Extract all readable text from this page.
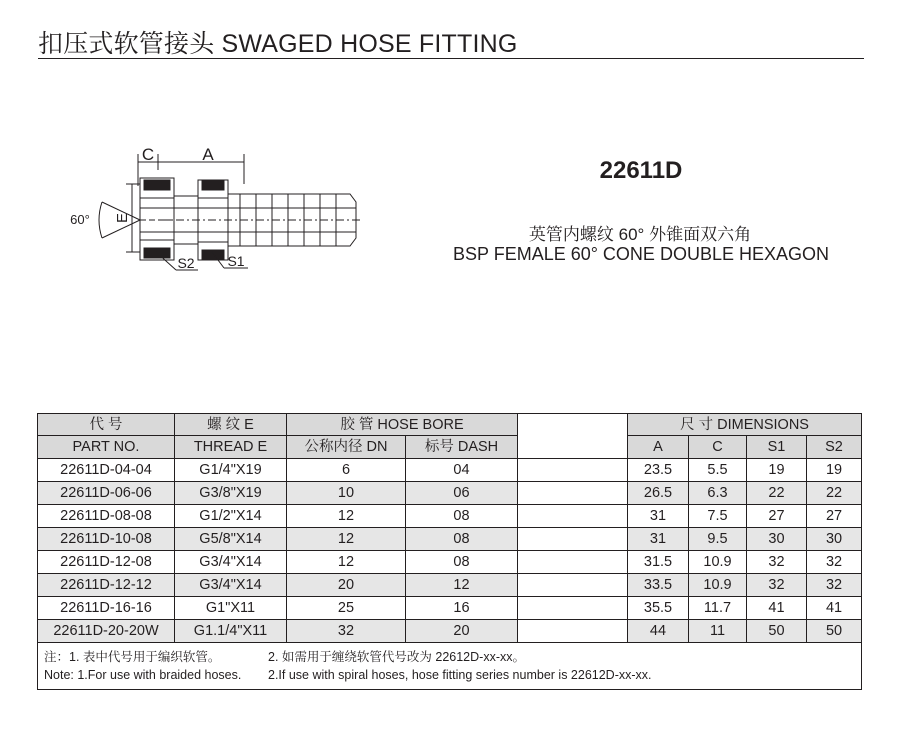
扣压式软管接头 SWAGED HOSE FITTING
C	A
E
60°
S2 S1
22611D
英管内螺纹 60° 外锥面双六角
BSP FEMALE 60° CONE DOUBLE HEXAGON
代 号	螺 纹 E	胶 管 HOSE BORE			尺 寸 DIMENSIONS			
PART NO.	THREAD E	公称内径 DN	标号 DASH		A	C	S1	S2
22611D-04-04	G1/4"X19	6	04		23.5	5.5	19	19
22611D-06-06	G3/8"X19	10	06		26.5	6.3	22	22
22611D-08-08	G1/2"X14	12	08		31	7.5	27	27
22611D-10-08	G5/8"X14	12	08		31	9.5	30	30
22611D-12-08	G3/4"X14	12	08		31.5	10.9	32	32
22611D-12-12	G3/4"X14	20	12		33.5	10.9	32	32
22611D-16-16	G1"X11	25	16		35.5	11.7	41	41
22611D-20-20W	G1.1/4"X11	32	20		44	11	50	50

注：1. 表中代号用于编织软管。 2. 如需用于缠绕软管代号改为 22612D-xx-xx。
Note: 1.For use with braided hoses. 2.If use with spiral hoses, hose fitting series number is 22612D-xx-xx.								
